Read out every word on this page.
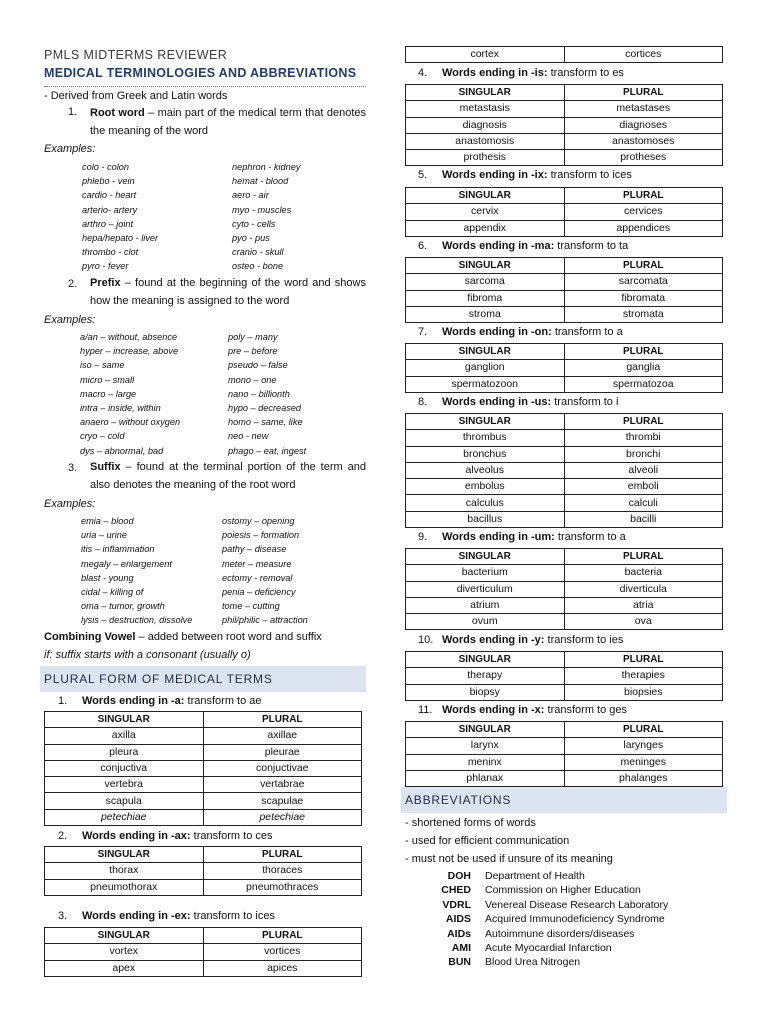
PMLS MIDTERMS REVIEWER
MEDICAL TERMINOLOGIES AND ABBREVIATIONS
- Derived from Greek and Latin words
1. Root word – main part of the medical term that denotes the meaning of the word
Examples:
colo - colon
phlebo - vein
cardio - heart
arterio- artery
arthro – joint
hepa/hepato - liver
thrombo - clot
pyro - fever
nephron - kidney
hemat - blood
aero - air
myo - muscles
cyto - cells
pyo - pus
cranio - skull
osteo - bone
2. Prefix – found at the beginning of the word and shows how the meaning is assigned to the word
Examples:
a/an – without, absence
hyper – increase, above
iso – same
micro – small
macro – large
intra – inside, within
anaero – without oxygen
cryo – cold
dys – abnormal, bad
poly – many
pre – before
pseudo – false
mono – one
nano – billionth
hypo – decreased
homo – same, like
neo - new
phago – eat, ingest
3. Suffix – found at the terminal portion of the term and also denotes the meaning of the root word
Examples:
emia – blood
uria – urine
itis – inflammation
megaly – enlargement
blast - young
cidal – killing of
oma – tumor, growth
lysis – destruction, dissolve
ostomy – opening
poiesis – formation
pathy – disease
meter – measure
ectomy - removal
penia – deficiency
tome – cutting
phil/philic – attraction
Combining Vowel – added between root word and suffix
if: suffix starts with a consonant (usually o)
PLURAL FORM OF MEDICAL TERMS
1. Words ending in -a: transform to ae
SINGULAR	PLURAL
axilla	axillae
pleura	pleurae
conjuctiva	conjuctivae
vertebra	vertabrae
scapula	scapulae
petechiae	petechiae
2. Words ending in -ax: transform to ces
SINGULAR	PLURAL
thorax	thoraces
pneumothorax	pneumothraces
3. Words ending in -ex: transform to ices
SINGULAR	PLURAL
vortex	vortices
apex	apices
cortex	cortices
4. Words ending in -is: transform to es
SINGULAR	PLURAL
metastasis	metastases
diagnosis	diagnoses
anastomosis	anastomoses
prothesis	protheses
5. Words ending in -ix: transform to ices
SINGULAR	PLURAL
cervix	cervices
appendix	appendices
6. Words ending in -ma: transform to ta
SINGULAR	PLURAL
sarcoma	sarcomata
fibroma	fibromata
stroma	stromata
7. Words ending in -on: transform to a
SINGULAR	PLURAL
ganglion	ganglia
spermatozoon	spermatozoa
8. Words ending in -us: transform to i
SINGULAR	PLURAL
thrombus	thrombi
bronchus	bronchi
alveolus	alveoli
embolus	emboli
calculus	calculi
bacillus	bacilli
9. Words ending in -um: transform to a
SINGULAR	PLURAL
bacterium	bacteria
diverticulum	diverticula
atrium	atria
ovum	ova
10. Words ending in -y: transform to ies
SINGULAR	PLURAL
therapy	therapies
biopsy	biopsies
11. Words ending in -x: transform to ges
SINGULAR	PLURAL
larynx	larynges
meninx	meninges
phlanax	phalanges
ABBREVIATIONS
- shortened forms of words
- used for efficient communication
- must not be used if unsure of its meaning
DOH Department of Health
CHED Commission on Higher Education
VDRL Venereal Disease Research Laboratory
AIDS Acquired Immunodeficiency Syndrome
AIDs Autoimmune disorders/diseases
AMI Acute Myocardial Infarction
BUN Blood Urea Nitrogen
